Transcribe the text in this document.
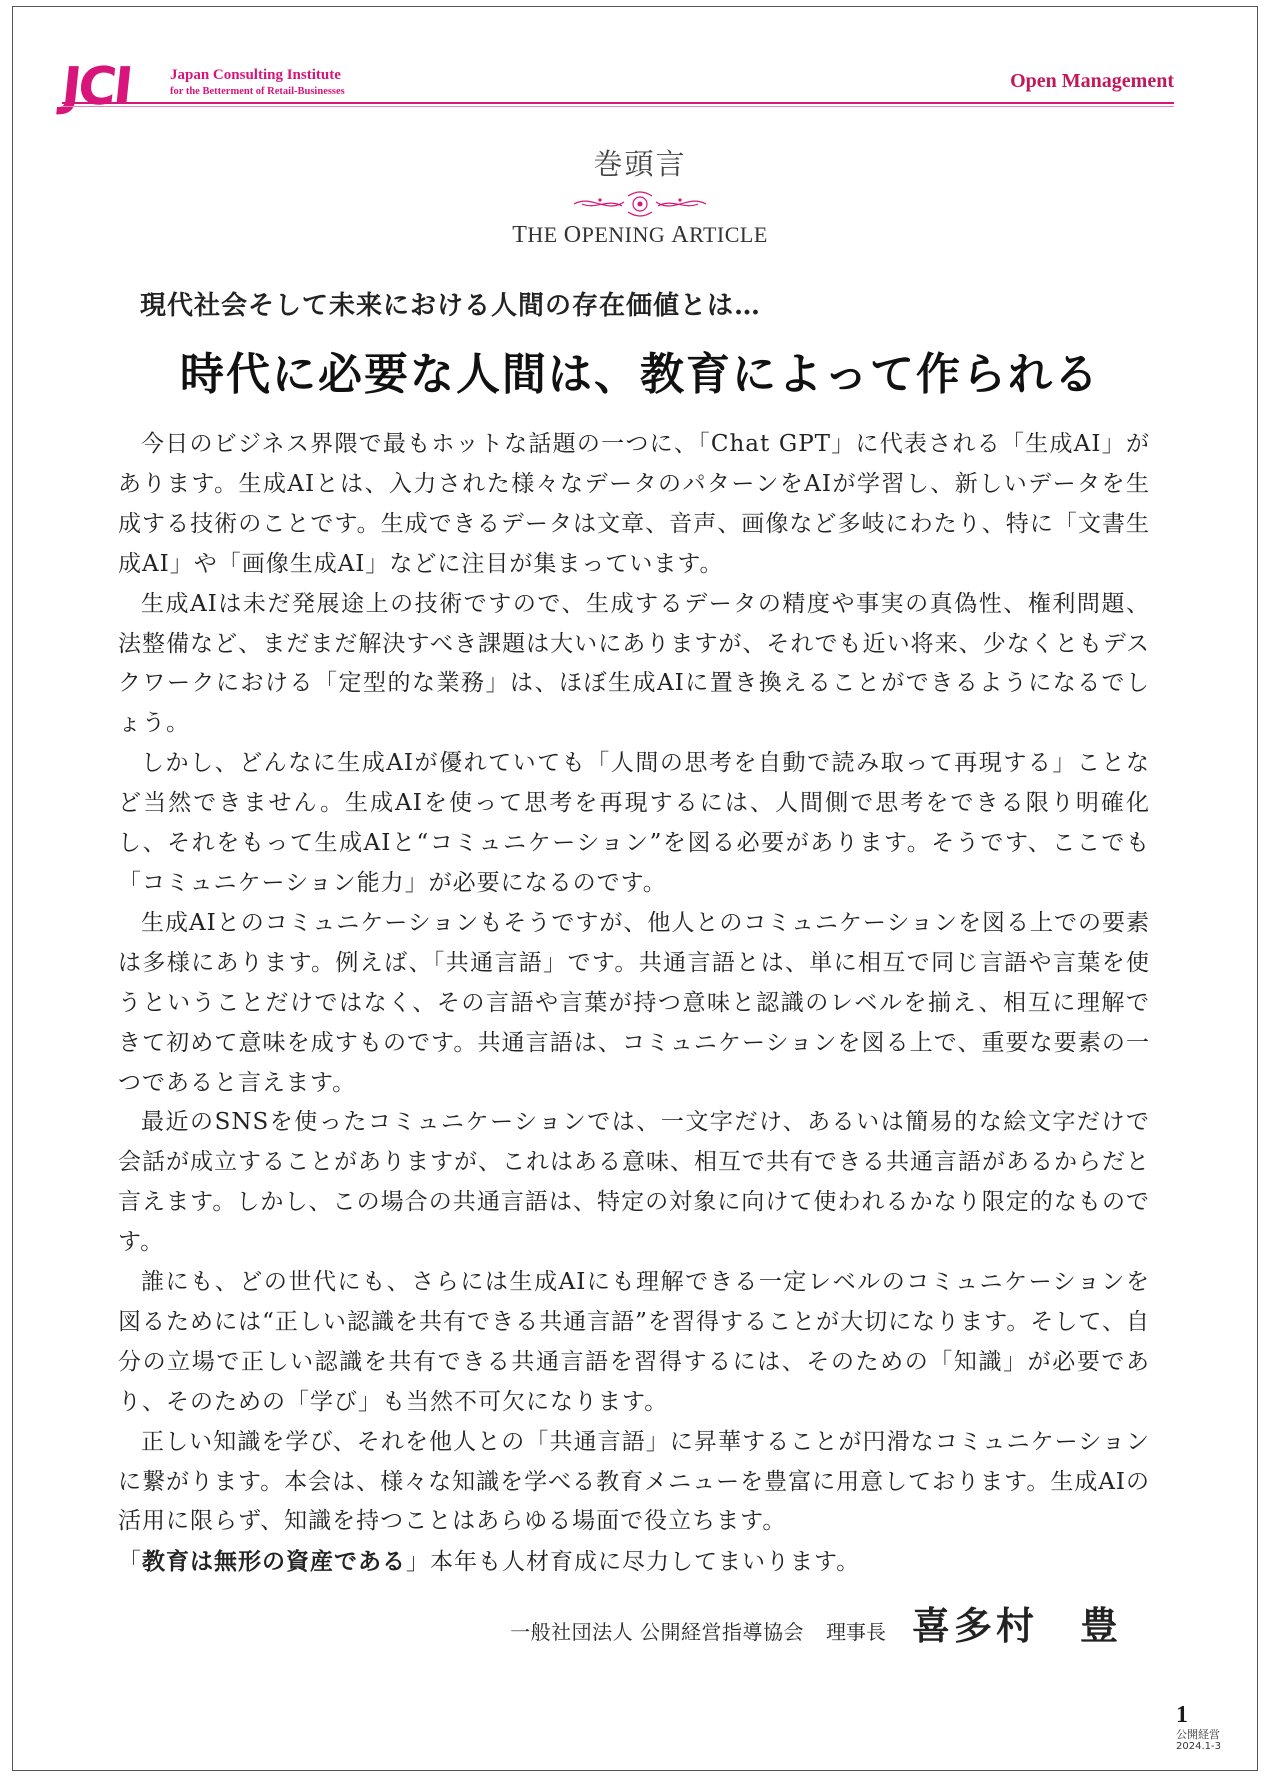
JCI Japan Consulting Institute
for the Betterment of Retail-Businesses	Open Management
巻頭言
THE OPENING ARTICLE
現代社会そして未来における人間の存在価値とは…
時代に必要な人間は、教育によって作られる

今日のビジネス界隈で最もホットな話題の一つに、「Chat GPT」に代表される「生成AI」があります。生成AIとは、入力された様々なデータのパターンをAIが学習し、新しいデータを生成する技術のことです。生成できるデータは文章、音声、画像など多岐にわたり、特に「文書生成AI」や「画像生成AI」などに注目が集まっています。

生成AIは未だ発展途上の技術ですので、生成するデータの精度や事実の真偽性、権利問題、法整備など、まだまだ解決すべき課題は大いにありますが、それでも近い将来、少なくともデスクワークにおける「定型的な業務」は、ほぼ生成AIに置き換えることができるようになるでしょう。

しかし、どんなに生成AIが優れていても「人間の思考を自動で読み取って再現する」ことなど当然できません。生成AIを使って思考を再現するには、人間側で思考をできる限り明確化し、それをもって生成AIと“コミュニケーション”を図る必要があります。そうです、ここでも「コミュニケーション能力」が必要になるのです。

生成AIとのコミュニケーションもそうですが、他人とのコミュニケーションを図る上での要素は多様にあります。例えば、「共通言語」です。共通言語とは、単に相互で同じ言語や言葉を使うということだけではなく、その言語や言葉が持つ意味と認識のレベルを揃え、相互に理解できて初めて意味を成すものです。共通言語は、コミュニケーションを図る上で、重要な要素の一つであると言えます。

最近のSNSを使ったコミュニケーションでは、一文字だけ、あるいは簡易的な絵文字だけで会話が成立することがありますが、これはある意味、相互で共有できる共通言語があるからだと言えます。しかし、この場合の共通言語は、特定の対象に向けて使われるかなり限定的なものです。

誰にも、どの世代にも、さらには生成AIにも理解できる一定レベルのコミュニケーションを図るためには“正しい認識を共有できる共通言語”を習得することが大切になります。そして、自分の立場で正しい認識を共有できる共通言語を習得するには、そのための「知識」が必要であり、そのための「学び」も当然不可欠になります。

正しい知識を学び、それを他人との「共通言語」に昇華することが円滑なコミュニケーションに繋がります。本会は、様々な知識を学べる教育メニューを豊富に用意しております。生成AIの活用に限らず、知識を持つことはあらゆる場面で役立ちます。

「教育は無形の資産である」本年も人材育成に尽力してまいります。

一般社団法人 公開経営指導協会 理事長 喜多村　豊
1
公開経営
2024.1-3
